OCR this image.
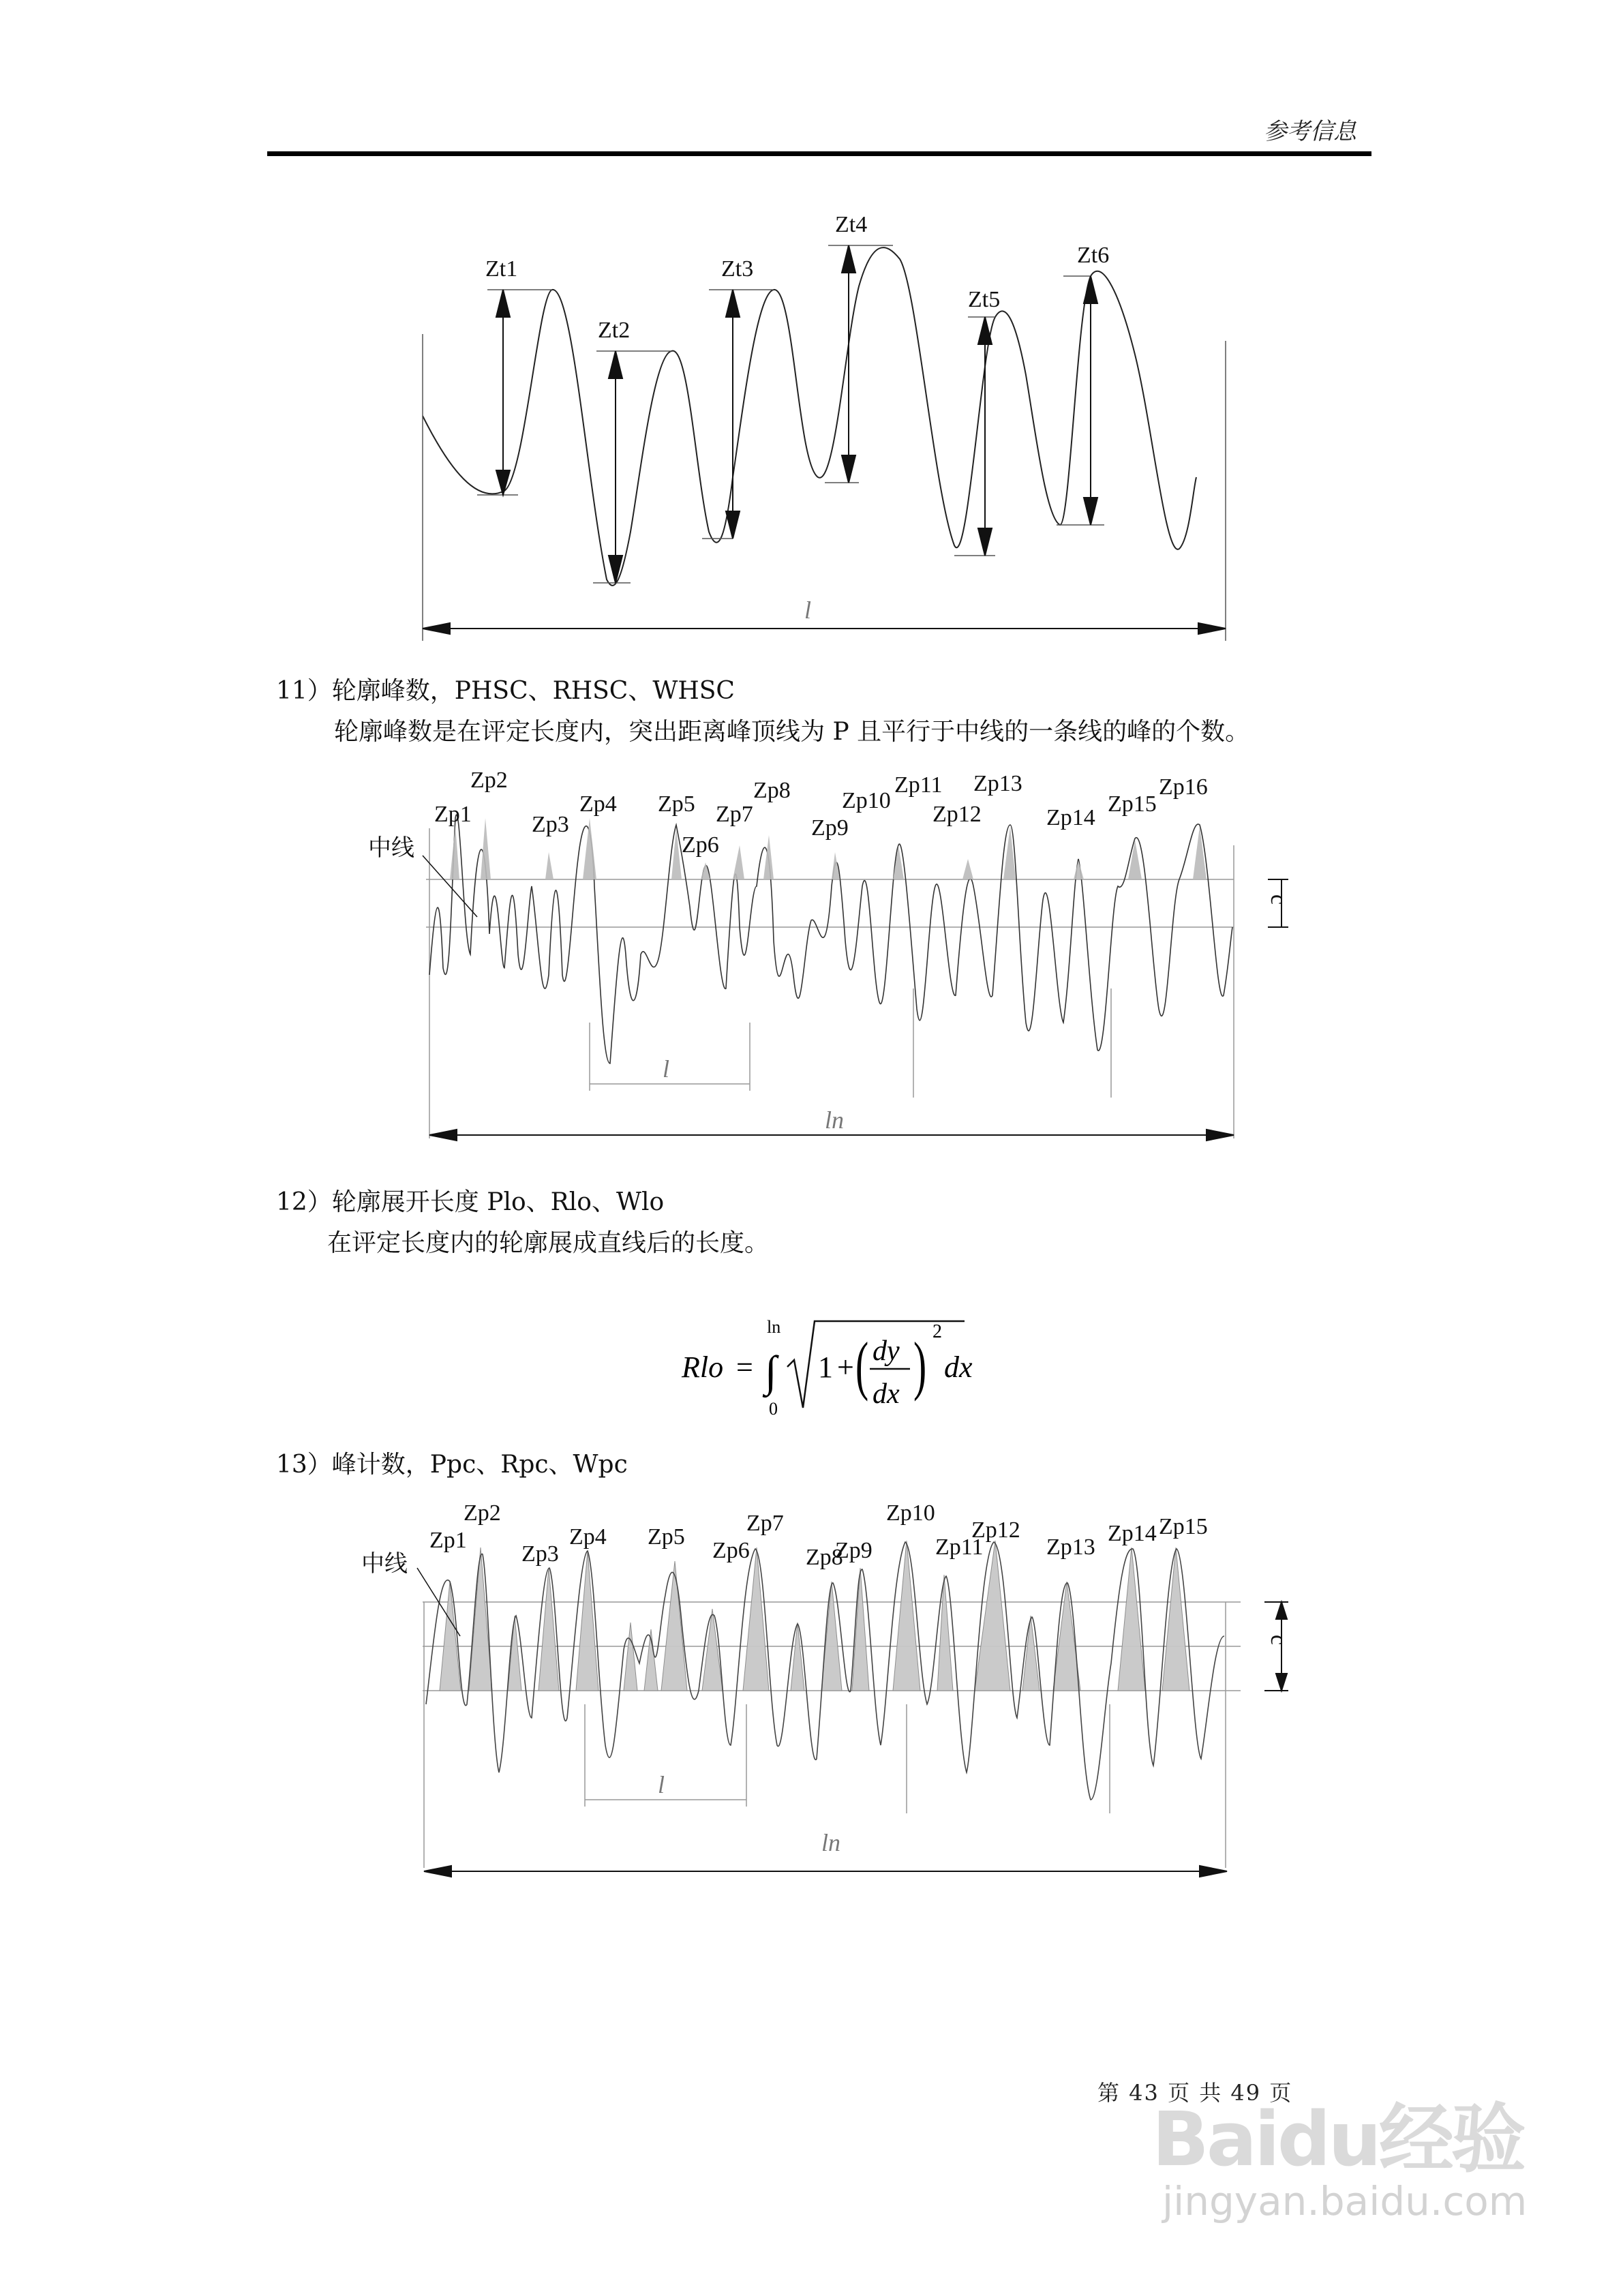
参考信息
Zt1
Zt2
Zt3
Zt4
Zt5
Zt6
l
11）轮廓峰数，PHSC、RHSC、WHSC
轮廓峰数是在评定长度内，突出距离峰顶线为 P 且平行于中线的一条线的峰的个数。
中线
c
l
ln
Zp1
Zp2
Zp3
Zp4 Zp5
Zp6
Zp7
Zp8
Zp9
Zp10
Zp11
Zp12
Zp13
Zp14
Zp15
Zp16
12）轮廓展开长度 Plo、Rlo、Wlo
在评定长度内的轮廓展成直线后的长度。
Rlo = ∫
ln
0
1 + ( dy
dx ) 2
dx
13）峰计数，Ppc、Rpc、Wpc
中线
c
l
ln
Zp1
Zp2
Zp3
Zp4 Zp5
Zp6
Zp7
Zp8
Zp9
Zp10
Zp11
Zp12
Zp13
Zp14 Zp15
第 43 页 共 49 页
Baidu经验
jingyan.baidu.com
